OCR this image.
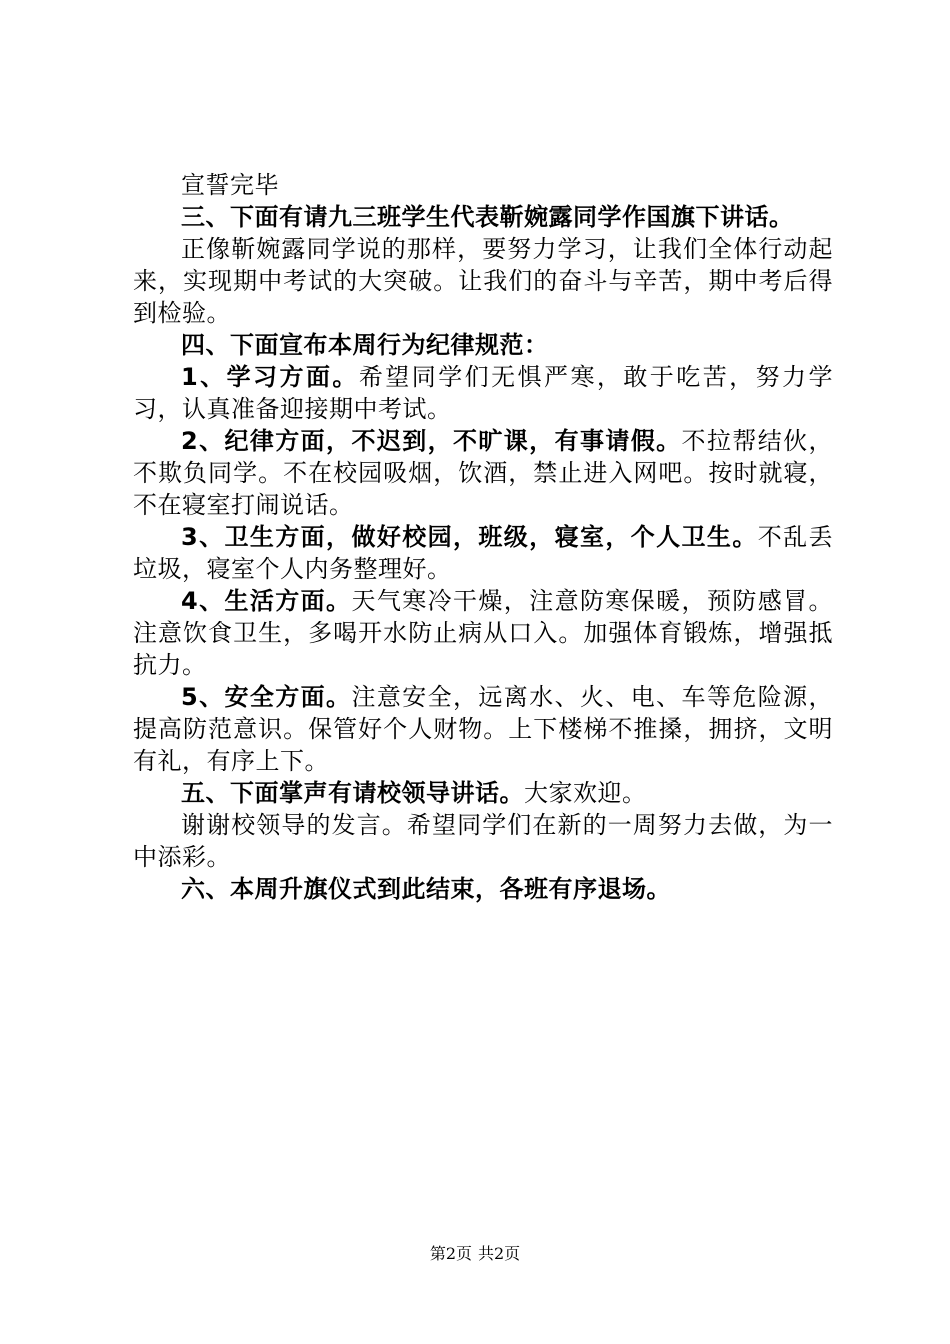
宣誓完毕

三、下面有请九三班学生代表靳婉露同学作国旗下讲话。

正像靳婉露同学说的那样，要努力学习，让我们全体行动起来，实现期中考试的大突破。让我们的奋斗与辛苦，期中考后得到检验。

四、下面宣布本周行为纪律规范：

1、学习方面。希望同学们无惧严寒，敢于吃苦，努力学习，认真准备迎接期中考试。

2、纪律方面，不迟到，不旷课，有事请假。不拉帮结伙，不欺负同学。不在校园吸烟，饮酒，禁止进入网吧。按时就寝，不在寝室打闹说话。

3、卫生方面，做好校园，班级，寝室，个人卫生。不乱丢垃圾，寝室个人内务整理好。

4、生活方面。天气寒冷干燥，注意防寒保暖，预防感冒。注意饮食卫生，多喝开水防止病从口入。加强体育锻炼，增强抵抗力。

5、安全方面。注意安全，远离水、火、电、车等危险源，提高防范意识。保管好个人财物。上下楼梯不推搡，拥挤，文明有礼，有序上下。

五、下面掌声有请校领导讲话。大家欢迎。

谢谢校领导的发言。希望同学们在新的一周努力去做，为一中添彩。

六、本周升旗仪式到此结束，各班有序退场。

第2页 共2页
